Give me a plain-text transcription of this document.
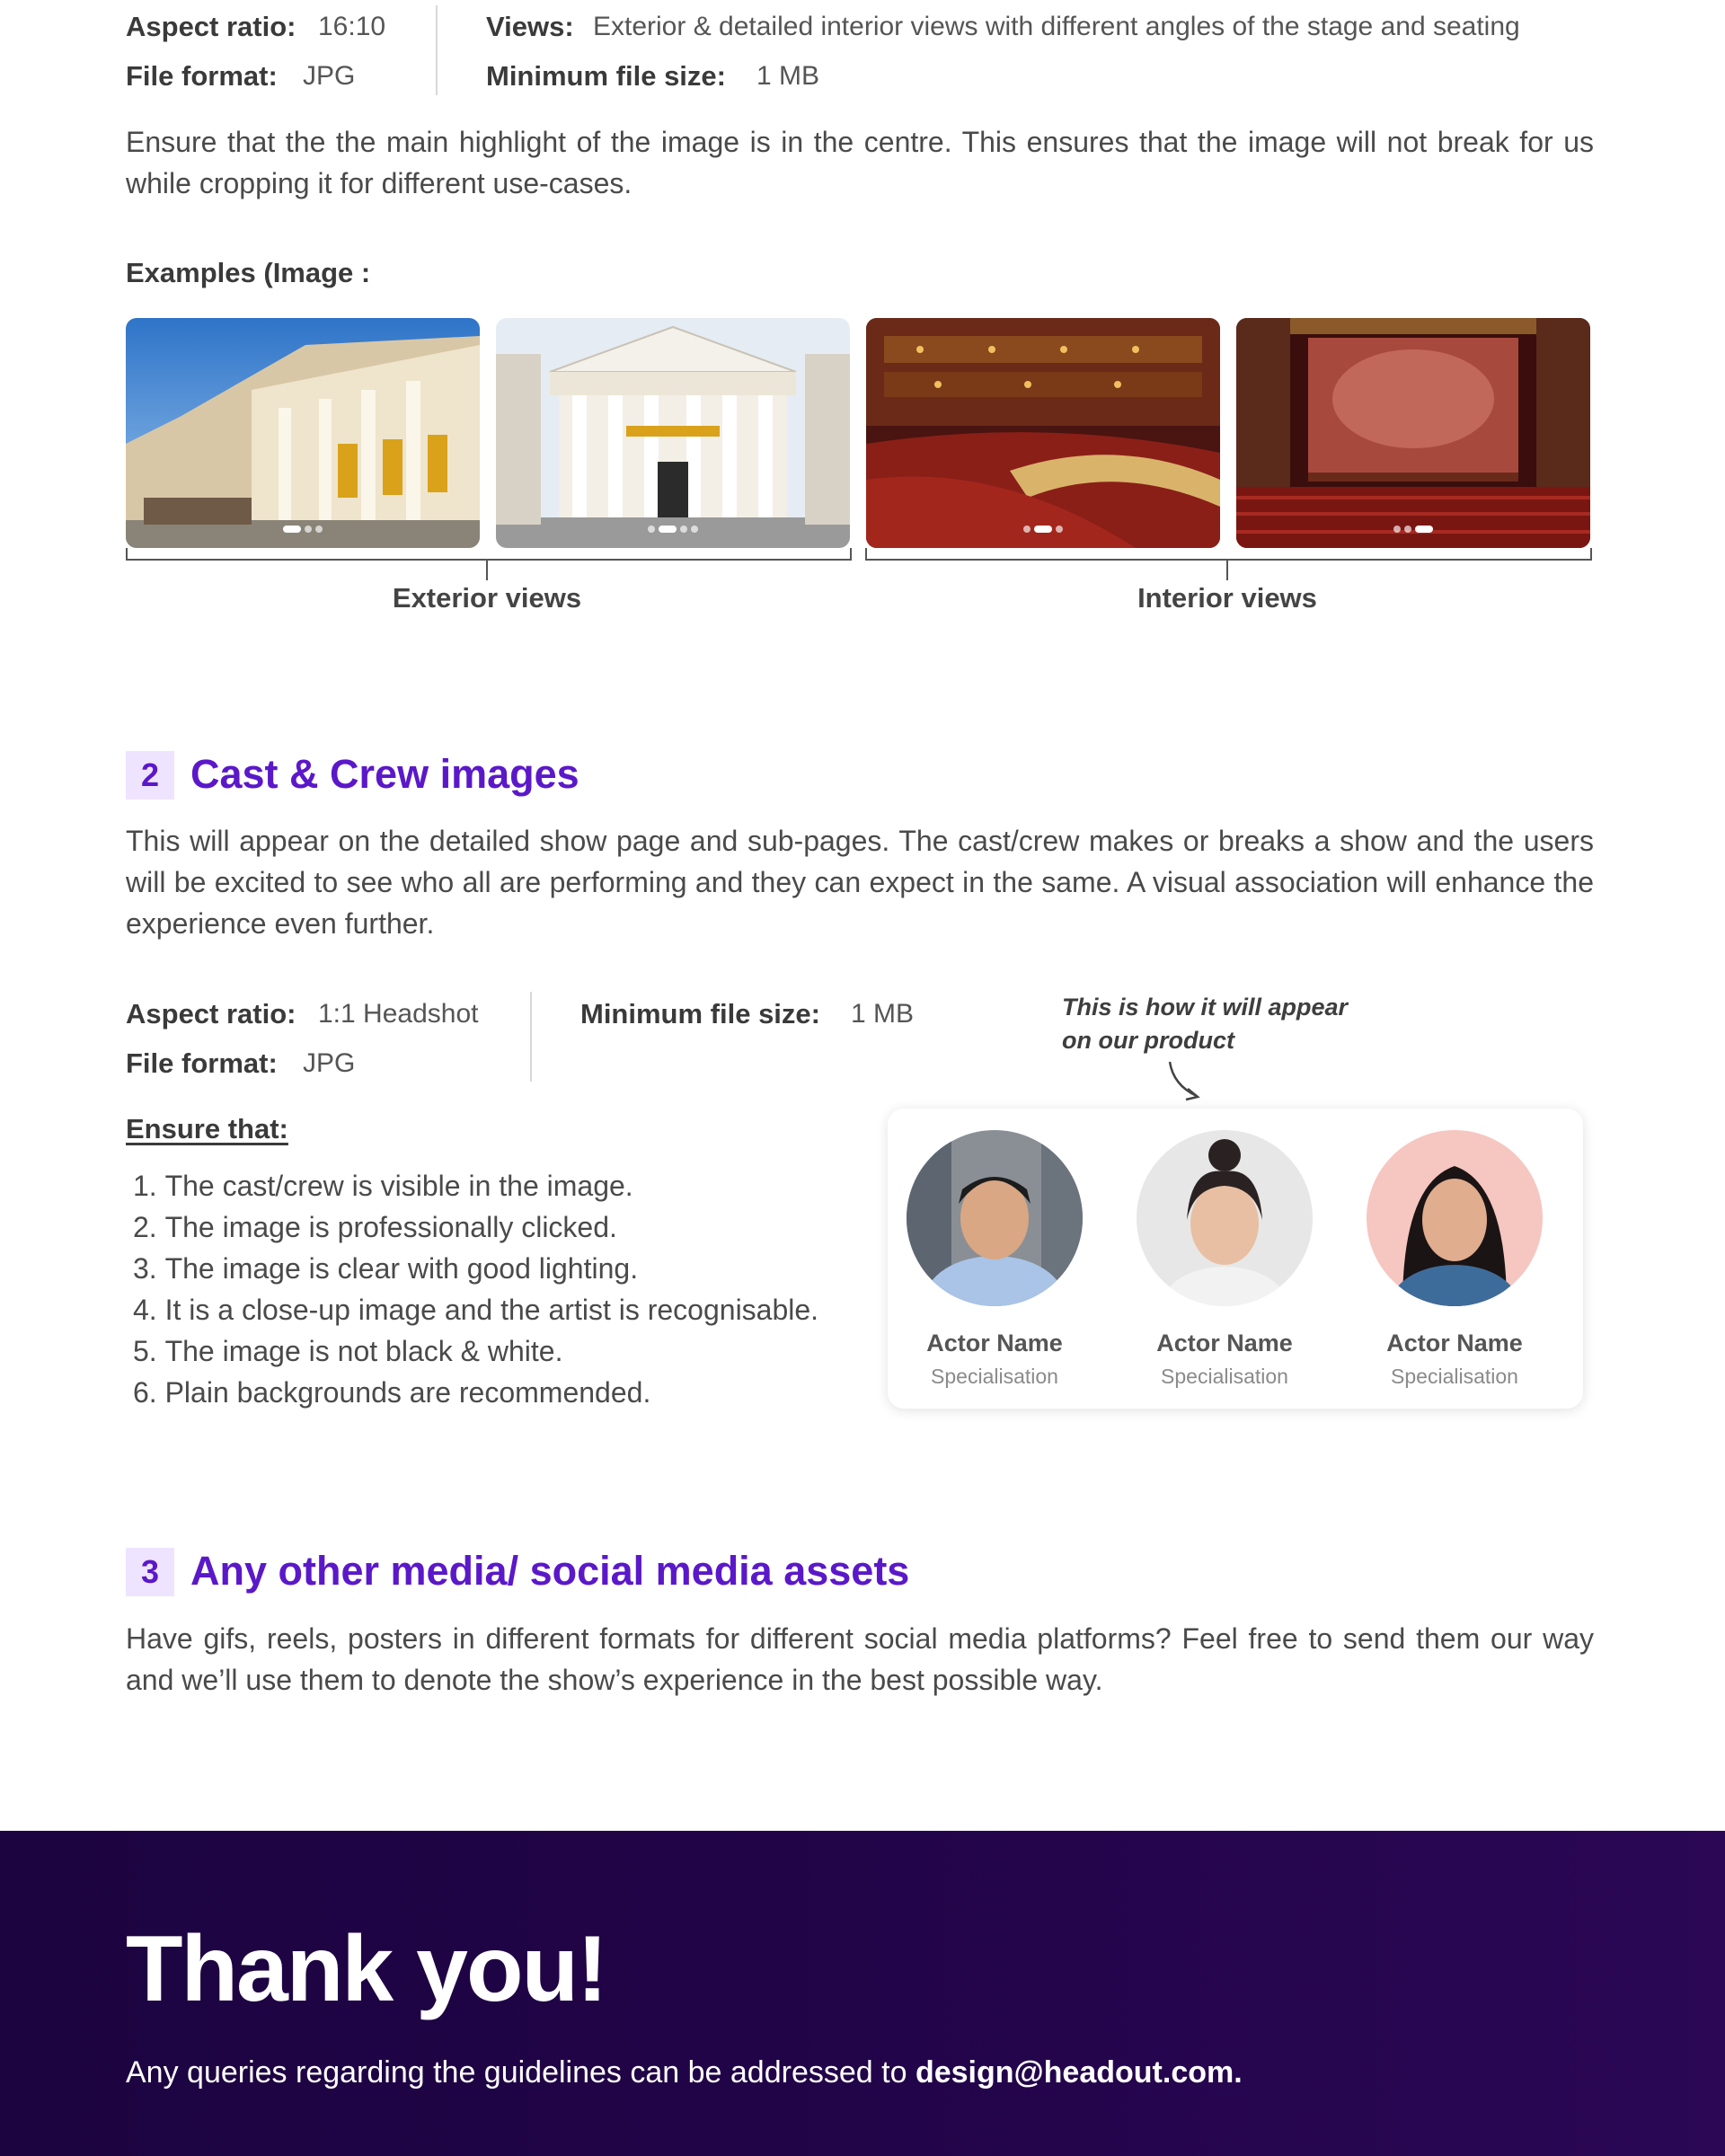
Aspect ratio: 16:10
File format: JPG
Views: Exterior & detailed interior views with different angles of the stage and seating
Minimum file size: 1 MB
Ensure that the the main highlight of the image is in the centre. This ensures that the image will not break for us while cropping it for different use-cases.
Examples (Image :
Exterior views	Interior views
2 Cast & Crew images
This will appear on the detailed show page and sub-pages. The cast/crew makes or breaks a show and the users will be excited to see who all are performing and they can expect in the same. A visual association will enhance the experience even further.
Aspect ratio: 1:1 Headshot
File format: JPG
Minimum file size: 1 MB
Ensure that:
1. The cast/crew is visible in the image.
2. The image is professionally clicked.
3. The image is clear with good lighting.
4. It is a close-up image and the artist is recognisable.
5. The image is not black & white.
6. Plain backgrounds are recommended.
This is how it will appear
on our product
Actor Name
Specialisation
Actor Name
Specialisation
Actor Name
Specialisation
3 Any other media/ social media assets
Have gifs, reels, posters in different formats for different social media platforms? Feel free to send them our way and we’ll use them to denote the show’s experience in the best possible way.
Thank you!
Any queries regarding the guidelines can be addressed to design@headout.com.
